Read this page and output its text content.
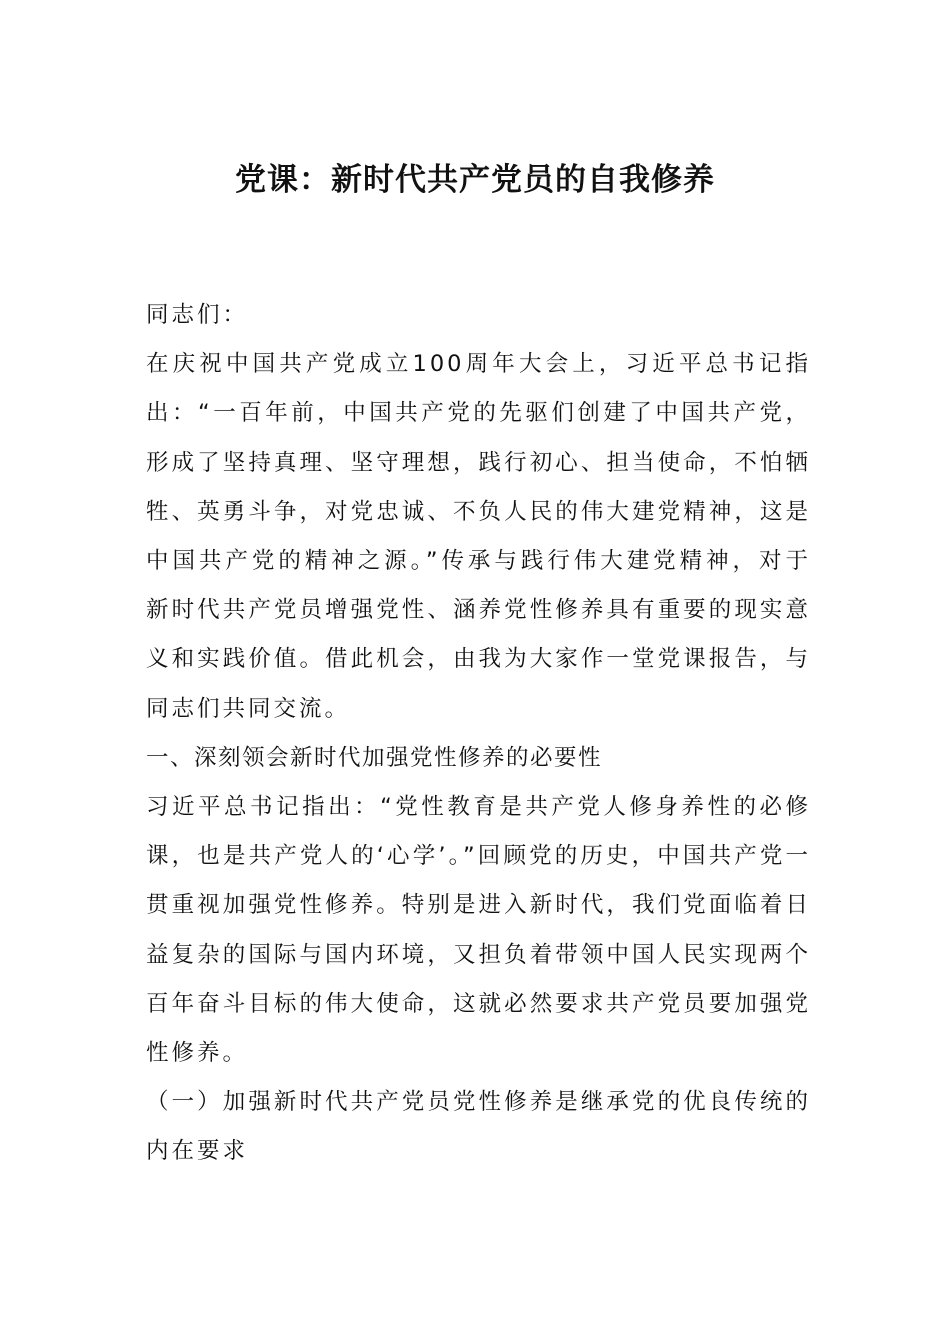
党课：新时代共产党员的自我修养

同志们：

在庆祝中国共产党成立100周年大会上，习近平总书记指出：“一百年前，中国共产党的先驱们创建了中国共产党，形成了坚持真理、坚守理想，践行初心、担当使命，不怕牺牲、英勇斗争，对党忠诚、不负人民的伟大建党精神，这是中国共产党的精神之源。”传承与践行伟大建党精神，对于新时代共产党员增强党性、涵养党性修养具有重要的现实意义和实践价值。借此机会，由我为大家作一堂党课报告，与同志们共同交流。

一、深刻领会新时代加强党性修养的必要性

习近平总书记指出：“党性教育是共产党人修身养性的必修课，也是共产党人的‘心学’。”回顾党的历史，中国共产党一贯重视加强党性修养。特别是进入新时代，我们党面临着日益复杂的国际与国内环境，又担负着带领中国人民实现两个百年奋斗目标的伟大使命，这就必然要求共产党员要加强党性修养。

（一）加强新时代共产党员党性修养是继承党的优良传统的内在要求
